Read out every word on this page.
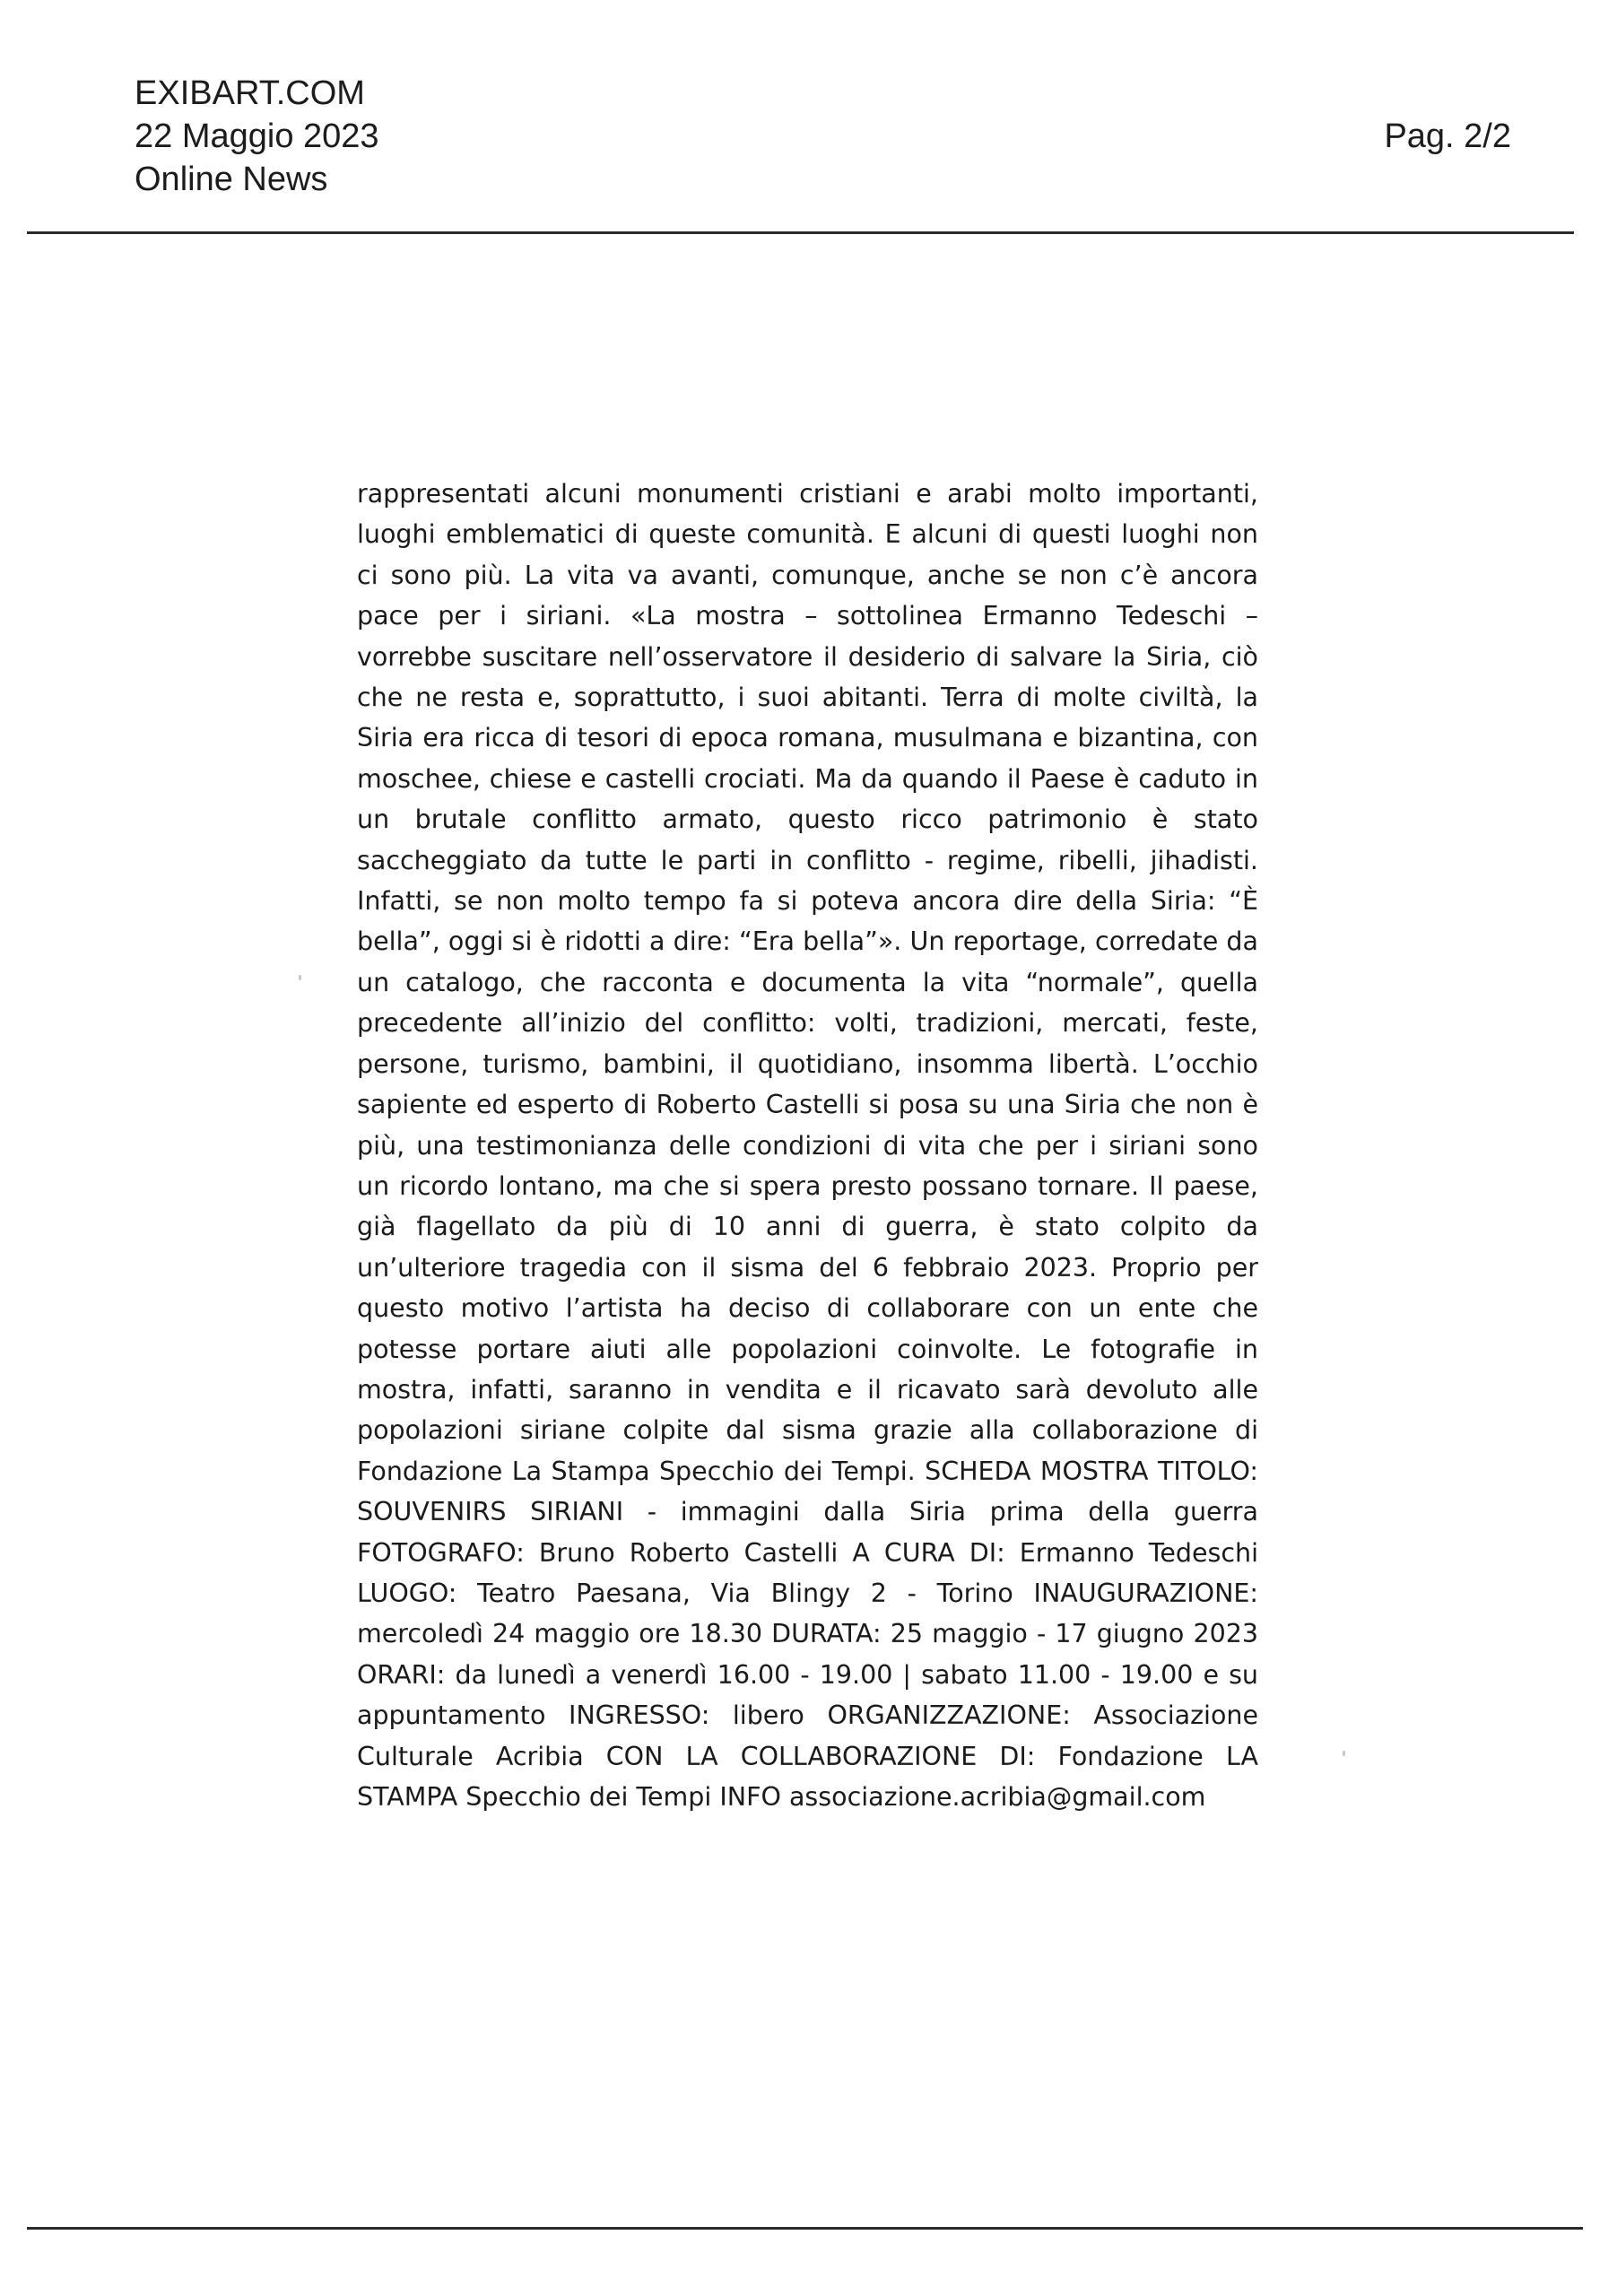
EXIBART.COM
22 Maggio 2023
Online News
Pag. 2/2

rappresentati alcuni monumenti cristiani e arabi molto importanti, luoghi emblematici di queste comunità. E alcuni di questi luoghi non ci sono più. La vita va avanti, comunque, anche se non c’è ancora pace per i siriani. «La mostra – sottolinea Ermanno Tedeschi – vorrebbe suscitare nell’osservatore il desiderio di salvare la Siria, ciò che ne resta e, soprattutto, i suoi abitanti. Terra di molte civiltà, la Siria era ricca di tesori di epoca romana, musulmana e bizantina, con moschee, chiese e castelli crociati. Ma da quando il Paese è caduto in un brutale conflitto armato, questo ricco patrimonio è stato saccheggiato da tutte le parti in conflitto - regime, ribelli, jihadisti. Infatti, se non molto tempo fa si poteva ancora dire della Siria: “È bella”, oggi si è ridotti a dire: “Era bella”». Un reportage, corredate da un catalogo, che racconta e documenta la vita “normale”, quella precedente all’inizio del conflitto: volti, tradizioni, mercati, feste, persone, turismo, bambini, il quotidiano, insomma libertà. L’occhio sapiente ed esperto di Roberto Castelli si posa su una Siria che non è più, una testimonianza delle condizioni di vita che per i siriani sono un ricordo lontano, ma che si spera presto possano tornare. Il paese, già flagellato da più di 10 anni di guerra, è stato colpito da un’ulteriore tragedia con il sisma del 6 febbraio 2023. Proprio per questo motivo l’artista ha deciso di collaborare con un ente che potesse portare aiuti alle popolazioni coinvolte. Le fotografie in mostra, infatti, saranno in vendita e il ricavato sarà devoluto alle popolazioni siriane colpite dal sisma grazie alla collaborazione di Fondazione La Stampa Specchio dei Tempi. SCHEDA MOSTRA TITOLO: SOUVENIRS SIRIANI - immagini dalla Siria prima della guerra FOTOGRAFO: Bruno Roberto Castelli A CURA DI: Ermanno Tedeschi LUOGO: Teatro Paesana, Via Blingy 2 - Torino INAUGURAZIONE: mercoledì 24 maggio ore 18.30 DURATA: 25 maggio - 17 giugno 2023 ORARI: da lunedì a venerdì 16.00 - 19.00 | sabato 11.00 - 19.00 e su appuntamento INGRESSO: libero ORGANIZZAZIONE: Associazione Culturale Acribia CON LA COLLABORAZIONE DI: Fondazione LA STAMPA Specchio dei Tempi INFO associazione.acribia@gmail.com
